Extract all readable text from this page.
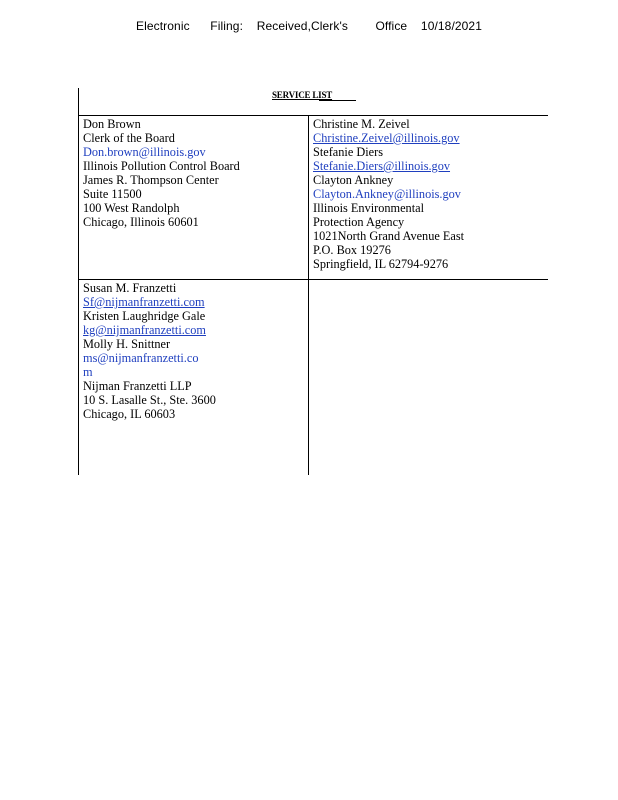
Electronic      Filing:    Received,Clerk's        Office    10/18/2021
SERVICE LIST
Don Brown
Clerk of the Board
Don.brown@illinois.gov
Illinois Pollution Control Board
James R. Thompson Center
Suite 11500
100 West Randolph
Chicago, Illinois 60601
Christine M. Zeivel
Christine.Zeivel@illinois.gov
Stefanie Diers
Stefanie.Diers@illinois.gov
Clayton Ankney
Clayton.Ankney@illinois.gov
Illinois Environmental
Protection Agency
1021North Grand Avenue East
P.O. Box 19276
Springfield, IL 62794-9276
Susan M. Franzetti
Sf@nijmanfranzetti.com
Kristen Laughridge Gale
kg@nijmanfranzetti.com
Molly H. Snittner
ms@nijmanfranzetti.co
m
Nijman Franzetti LLP
10 S. Lasalle St., Ste. 3600
Chicago, IL 60603
